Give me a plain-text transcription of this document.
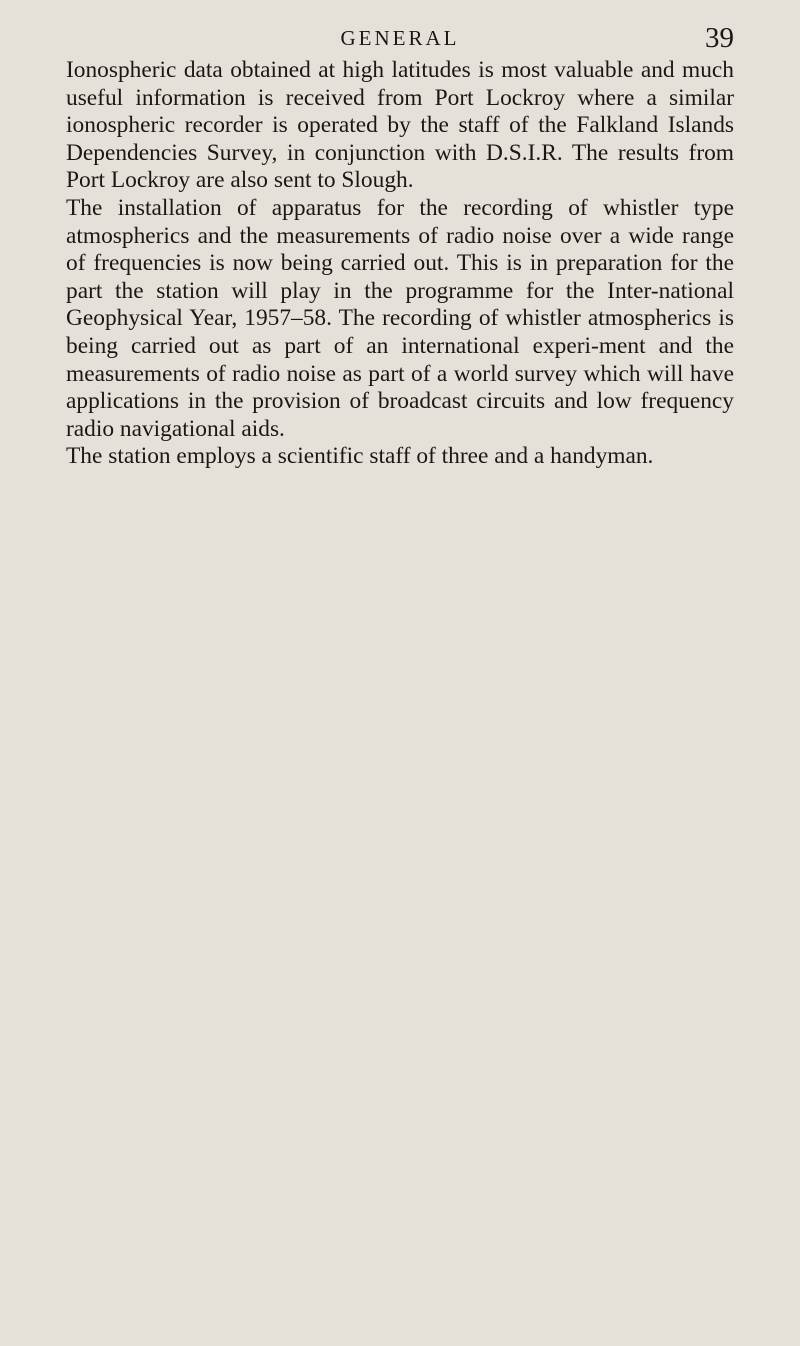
GENERAL	39

Ionospheric data obtained at high latitudes is most valuable and much useful information is received from Port Lockroy where a similar ionospheric recorder is operated by the staff of the Falkland Islands Dependencies Survey, in conjunction with D.S.I.R. The results from Port Lockroy are also sent to Slough.

The installation of apparatus for the recording of whistler type atmospherics and the measurements of radio noise over a wide range of frequencies is now being carried out. This is in preparation for the part the station will play in the programme for the Inter-national Geophysical Year, 1957–58. The recording of whistler atmospherics is being carried out as part of an international experi-ment and the measurements of radio noise as part of a world survey which will have applications in the provision of broadcast circuits and low frequency radio navigational aids.

The station employs a scientific staff of three and a handyman.
